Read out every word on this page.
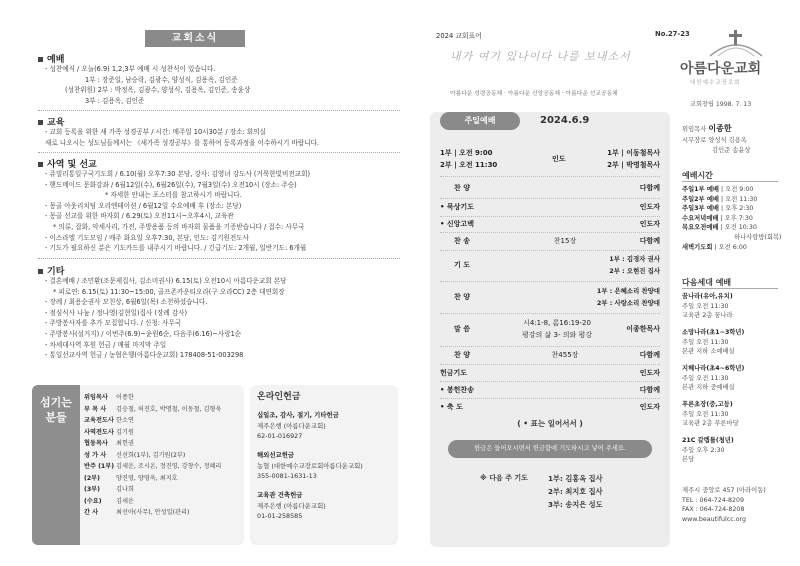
교회소식
예배
- 성찬예식 / 오늘(6.9) 1,2,3부 예배 시 성찬식이 있습니다.
1부 : 장준일, 남승락, 김광수, 양성식, 김용옥, 김인준
(성찬위원) 2부 : 박정옥, 김광수, 양성식, 김용옥, 김인준, 송윤상
3부 : 김용옥, 김인준
교육
- 교회 등록을 위한 새 가족 성경공부 / 시간: 매주일 10시30분 / 장소: 회의실
새로 나오시는 성도님들께서는 《새가족 성경공부》를 통하여 등록과정을 이수하시기 바랍니다.
사역 및 선교
- 쥬빌리통일구국기도회 / 6.10(월) 오후7:30 본당, 강사: 김영녀 강도사 (거룩한빛비전교회)
- 핸드메이드 문화강좌 / 6월12일(수), 6월26일(수), 7월3일(수) 오전10시 (장소: 주승)
* 자세한 안내는 포스터를 참고하시기 바랍니다.
- 몽골 아웃리치팀 오리엔테이션 / 6월12일 수요예배 후 (장소: 본당)
- 몽골 선교를 위한 바자회 / 6.29(토) 오전11시~오후4시, 교육관
* 의류, 잡화, 악세사리, 가전, 주방용품 등의 바자회 물품을 기증받습니다 / 접수: 사무국
- 이스라엘 기도모임 / 매주 화요일 오후7:30, 본당, 인도: 김기원전도사
- 기도가 필요하신 분은 기도카드를 내주시기 바랍니다. / 긴급기도: 2개월, 일반기도: 6개월
기타
- 결혼예배 / 조민환(조문제집사, 김소미권사) 6.15(토) 오전10시 아름다운교회 본당
* 피로연: 6.15(토) 11:30~15:00, 골프존카운티오라(구 오라CC) 2층 대연회장
- 장례 / 최용순권사 모친상, 6월6일(목) 소천하셨습니다.
- 점심식사 나눔 / 정나영(김현일)집사 (장례 감사)
- 주방봉사자를 추가 모집합니다. / 신청: 사무국
- 주방봉사(설거지) / 이번주(6.9)~윤원6순, 다음주(6.16)~사랑1순
- 차세대사역 후원 헌금 / 매월 마지막 주일
- 통일선교사역 헌금 / 농협은행(아름다운교회) 178408-51-003298
섬기는
분들
위임목사 이종한
부 목 사 김승철, 허진호, 박명철, 이동철, 김형욱
교육전도사 한소연
사역전도사 김기원
협동목사 최헌권
성 가 사 신선희(1부), 김기원(2부)
반주 (1부) 김세운, 조시온, 정진영, 강창수, 정혜리
(2부)	양진영, 양영욱, 최지호
(3부)	김나희
(수요) 김세운
간 사	최선아(사무), 안성일(관리)
온라인헌금
십일조, 감사, 절기, 기타헌금
제주은행 (아름다운교회)
62-01-016927
해외선교헌금
농협 (대한예수교장로회아름다운교회)
355-0081-1631-13
교육관 건축헌금
제주은행 (아름다운교회)
01-01-258585
2024 교회표어	No.27-23
내가 여기 있나이다 나를 보내소서
아름다운 성령공동체 · 아름다운 신앙공동체 · 아름다운 선교공동체
주일예배	2024.6.9
1부 | 오전 9:00
2부 | 오전 11:30
인도
1부 | 이동철목사
2부 | 박명철목사
찬 양	다함께
• 묵상기도	인도자
• 신앙고백	인도자
찬 송	찬15장	다함께
기 도
1부 : 김경자 권사
2부 : 오현진 집사
찬 양
1부 : 은혜소리 찬양대
2부 : 사랑소리 찬양대
말 씀
시4:1-8, 롬16:19-20
평강의 삶 3- 의와 평강
이종한목사
찬 양	찬455장	다함께
헌금기도	인도자
• 봉헌찬송	다함께
• 축 도	인도자
( • 표는 일어서서 )
헌금은 들어오시면서 헌금함에 기도하시고 넣어 주세요.
※ 다음 주 기도	1부: 김홍옥 집사
2부: 최지호 집사
3부: 송지은 성도
아름다운교회
대한예수교장로회
교회창립 1998. 7. 13
위임목사 이종한
시무장로 양성식 김용옥
김인준 송윤상
예배시간
주일1부 예배 | 오전 9:00
주일2부 예배 | 오전 11:30
주일3부 예배 | 오후 2:30
수요저녁예배 | 오후 7:30
목요오전예배 | 오전 10:30
하나사랑방(회복)
새벽기도회 | 오전 6:00
다음세대 예배
꿈나라(유아,유치)
주일 오전 11:30
교육관 2층 꿈나라
소망나라(초1~3학년)
주일 오전 11:30
본관 지하 소예배실
지혜나라(초4~6학년)
주일 오전 11:30
본관 지하 중예배실
푸른초장(중,고등)
주일 오전 11:30
교육관 2층 푸른마당
21C 갈렙틀(청년)
주일 오후 2:30
본당
제주시 중앙로 457 (아라이동)
TEL : 064-724-8209
FAX : 064-724-8208
www.beautifulcc.org
